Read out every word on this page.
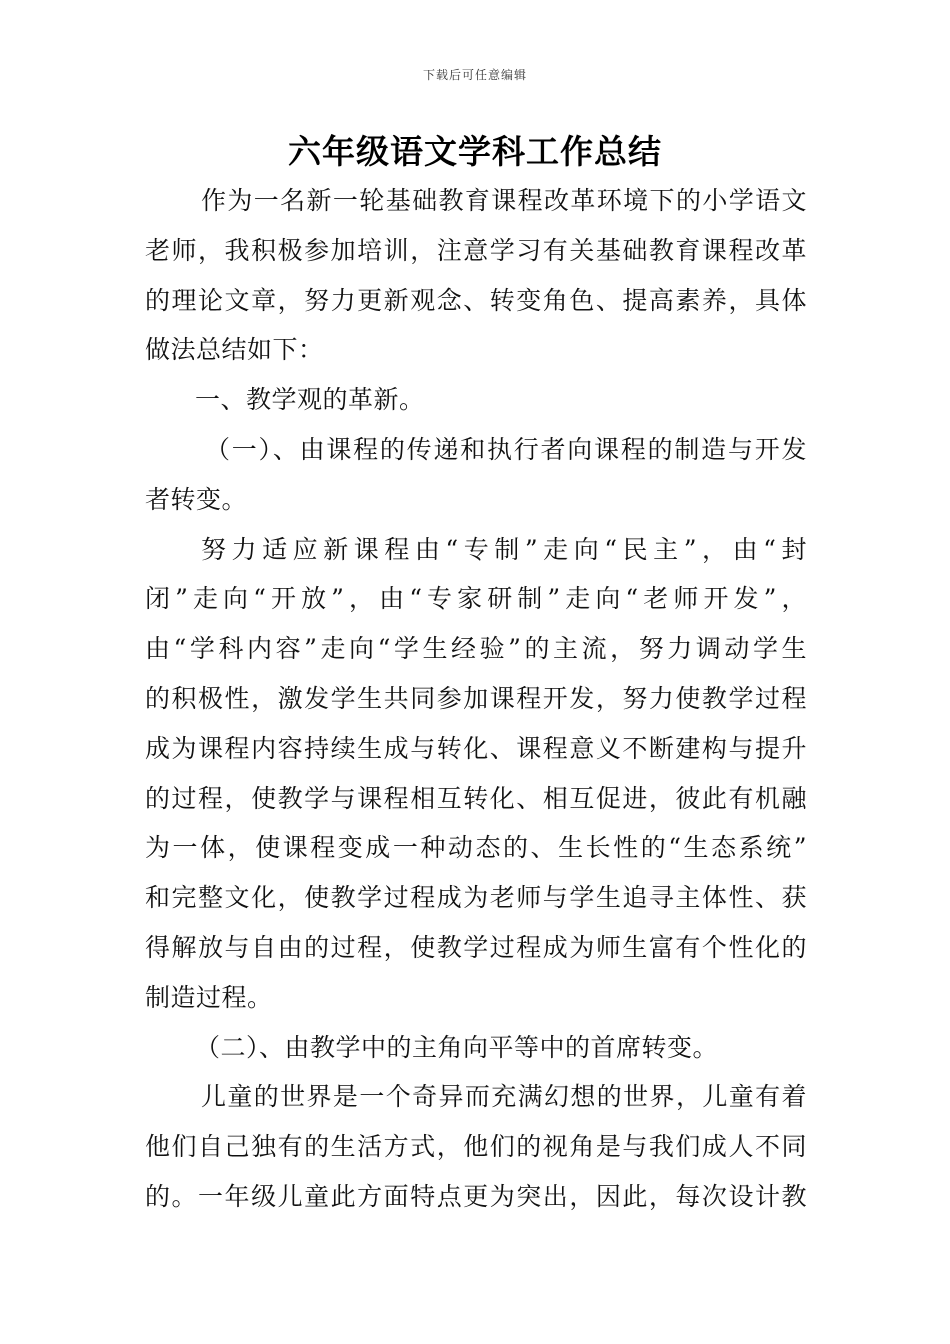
下载后可任意编辑
六年级语文学科工作总结
作为一名新一轮基础教育课程改革环境下的小学语文
老师，我积极参加培训，注意学习有关基础教育课程改革
的理论文章，努力更新观念、转变角色、提高素养，具体
做法总结如下：
一、教学观的革新。
（一）、由课程的传递和执行者向课程的制造与开发
者转变。
努力适应新课程由“专制”走向“民主”，由“封
闭”走向“开放”，由“专家研制”走向“老师开发”，
由“学科内容”走向“学生经验”的主流，努力调动学生
的积极性，激发学生共同参加课程开发，努力使教学过程
成为课程内容持续生成与转化、课程意义不断建构与提升
的过程，使教学与课程相互转化、相互促进，彼此有机融
为一体，使课程变成一种动态的、生长性的“生态系统”
和完整文化，使教学过程成为老师与学生追寻主体性、获
得解放与自由的过程，使教学过程成为师生富有个性化的
制造过程。
（二）、由教学中的主角向平等中的首席转变。
儿童的世界是一个奇异而充满幻想的世界，儿童有着
他们自己独有的生活方式，他们的视角是与我们成人不同
的。一年级儿童此方面特点更为突出，因此，每次设计教
